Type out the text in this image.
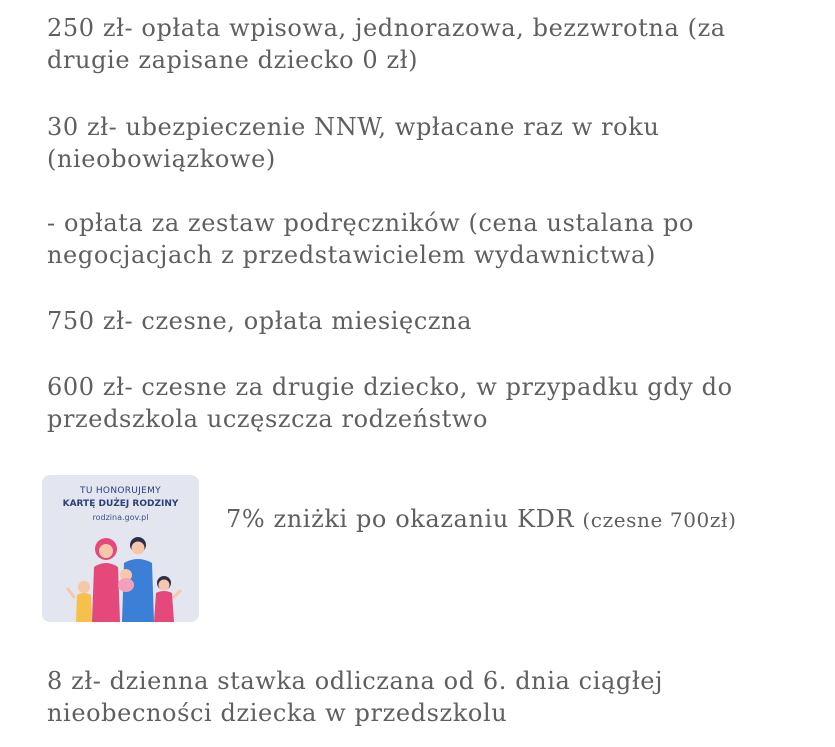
250 zł- opłata wpisowa, jednorazowa, bezzwrotna (za
drugie zapisane dziecko 0 zł)
30 zł- ubezpieczenie NNW, wpłacane raz w roku
(nieobowiązkowe)
- opłata za zestaw podręczników (cena ustalana po
negocjacjach z przedstawicielem wydawnictwa)
750 zł- czesne, opłata miesięczna
600 zł- czesne za drugie dziecko, w przypadku gdy do
przedszkola uczęszcza rodzeństwo
TU HONORUJEMY
KARTĘ DUŻEJ RODZINY
rodzina.gov.pl	7% zniżki po okazaniu KDR (czesne 700zł)
8 zł- dzienna stawka odliczana od 6. dnia ciągłej
nieobecności dziecka w przedszkolu
